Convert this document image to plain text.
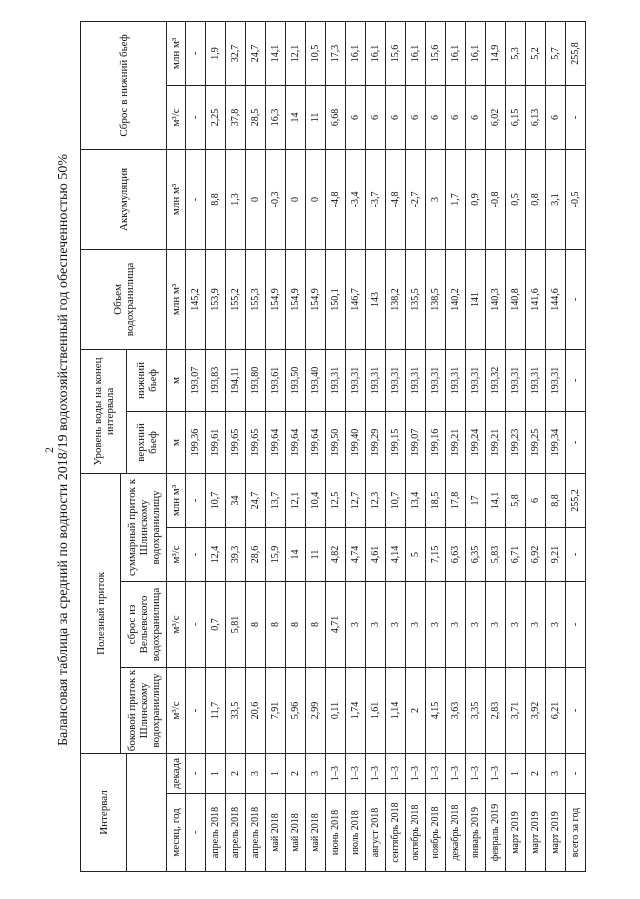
2 Балансовая таблица за средний по водности 2018/19 водохозяйственный год обеспеченностью 50%
Интервал		Полезный приток				Уровень воды на конец интервала		Объем водохранилища	Аккумуляция	Сброс в нижний бьеф	
		боковой приток к Шлинскому водохранилищу	сброс из Вельевского водохранилища	суммарный приток к Шлинскому водохранилищу							
						верхний бьеф	нижний бьеф				
месяц, год	декада	м³/с	м³/с	м³/с	млн м³	м	м	млн м³	млн м³	м³/с	млн м³
-	-	-	-	-	-	199,36	193,07	145,2	-	-	-
апрель 2018	1	11,7	0,7	12,4	10,7	199,61	193,83	153,9	8,8	2,25	1,9
апрель 2018	2	33,5	5,81	39,3	34	199,65	194,11	155,2	1,3	37,8	32,7
апрель 2018	3	20,6	8	28,6	24,7	199,65	193,80	155,3	0	28,5	24,7
май 2018	1	7,91	8	15,9	13,7	199,64	193,61	154,9	-0,3	16,3	14,1
май 2018	2	5,96	8	14	12,1	199,64	193,50	154,9	0	14	12,1
май 2018	3	2,99	8	11	10,4	199,64	193,40	154,9	0	11	10,5
июнь 2018	1–3	0,11	4,71	4,82	12,5	199,50	193,31	150,1	-4,8	6,68	17,3
июль 2018	1–3	1,74	3	4,74	12,7	199,40	193,31	146,7	-3,4	6	16,1
август 2018	1–3	1,61	3	4,61	12,3	199,29	193,31	143	-3,7	6	16,1
сентябрь 2018	1–3	1,14	3	4,14	10,7	199,15	193,31	138,2	-4,8	6	15,6
октябрь 2018	1–3	2	3	5	13,4	199,07	193,31	135,5	-2,7	6	16,1
ноябрь 2018	1–3	4,15	3	7,15	18,5	199,16	193,31	138,5	3	6	15,6
декабрь 2018	1–3	3,63	3	6,63	17,8	199,21	193,31	140,2	1,7	6	16,1
январь 2019	1–3	3,35	3	6,35	17	199,24	193,31	141	0,9	6	16,1
февраль 2019	1–3	2,83	3	5,83	14,1	199,21	193,32	140,3	-0,8	6,02	14,9
март 2019	1	3,71	3	6,71	5,8	199,23	193,31	140,8	0,5	6,15	5,3
март 2019	2	3,92	3	6,92	6	199,25	193,31	141,6	0,8	6,13	5,2
март 2019	3	6,21	3	9,21	8,8	199,34	193,31	144,6	3,1	6	5,7
всего за год	-	-	-	-	255,2	-	-	-	-0,5	-	255,8
